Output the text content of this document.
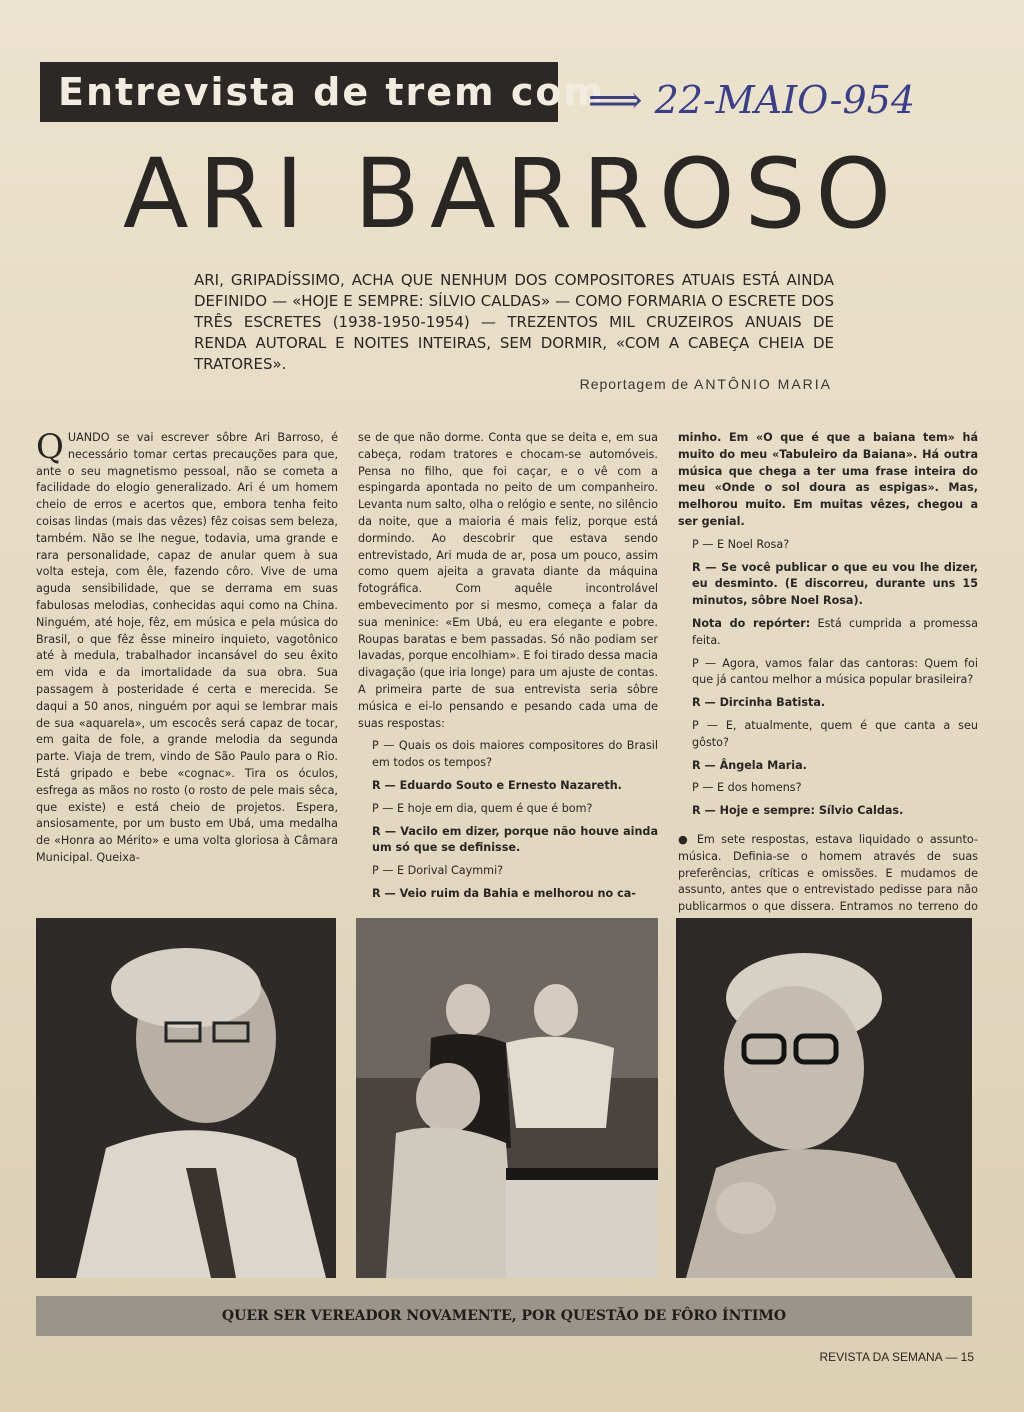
Entrevista de trem com
⟹ 22-MAIO-954
ARI BARROSO
ARI, GRIPADÍSSIMO, ACHA QUE NENHUM DOS COMPOSITORES ATUAIS ESTÁ AINDA DEFINIDO — «HOJE E SEMPRE: SÍLVIO CALDAS» — COMO FORMARIA O ESCRETE DOS TRÊS ESCRETES (1938-1950-1954) — TREZENTOS MIL CRUZEIROS ANUAIS DE RENDA AUTORAL E NOITES INTEIRAS, SEM DORMIR, «COM A CABEÇA CHEIA DE TRATORES».
Reportagem de ANTÔNIO MARIA

QUANDO se vai escrever sôbre Ari Barroso, é necessário tomar certas precauções para que, ante o seu magnetismo pessoal, não se cometa a facilidade do elogio generalizado. Ari é um homem cheio de erros e acertos que, embora tenha feito coisas lindas (mais das vêzes) fêz coisas sem beleza, também. Não se lhe negue, todavia, uma grande e rara personalidade, capaz de anular quem à sua volta esteja, com êle, fazendo côro. Vive de uma aguda sensibilidade, que se derrama em suas fabulosas melodias, conhecidas aqui como na China. Ninguém, até hoje, fêz, em música e pela música do Brasil, o que fêz êsse mineiro inquieto, vagotônico até à medula, trabalhador incansável do seu êxito em vida e da imortalidade da sua obra. Sua passagem à posteridade é certa e merecida. Se daqui a 50 anos, ninguém por aqui se lembrar mais de sua «aquarela», um escocês será capaz de tocar, em gaita de fole, a grande melodia da segunda parte. Viaja de trem, vindo de São Paulo para o Rio. Está gripado e bebe «cognac». Tira os óculos, esfrega as mãos no rosto (o rosto de pele mais sêca, que existe) e está cheio de projetos. Espera, ansiosamente, por um busto em Ubá, uma medalha de «Honra ao Mérito» e uma volta gloriosa à Câmara Municipal. Queixa-

se de que não dorme. Conta que se deita e, em sua cabeça, rodam tratores e chocam-se automóveis. Pensa no filho, que foi caçar, e o vê com a espingarda apontada no peito de um companheiro. Levanta num salto, olha o relógio e sente, no silêncio da noite, que a maioria é mais feliz, porque está dormindo. Ao descobrir que estava sendo entrevistado, Ari muda de ar, posa um pouco, assim como quem ajeita a gravata diante da máquina fotográfica. Com aquêle incontrolável embevecimento por si mesmo, começa a falar da sua meninice: «Em Ubá, eu era elegante e pobre. Roupas baratas e bem passadas. Só não podiam ser lavadas, porque encolhiam». E foi tirado dessa macia divagação (que iria longe) para um ajuste de contas. A primeira parte de sua entrevista seria sôbre música e ei-lo pensando e pesando cada uma de suas respostas:

P — Quais os dois maiores compositores do Brasil em todos os tempos?

R — Eduardo Souto e Ernesto Nazareth.

P — E hoje em dia, quem é que é bom?

R — Vacilo em dizer, porque não houve ainda um só que se definisse.

P — E Dorival Caymmi?

R — Veio ruim da Bahia e melhorou no ca-

minho. Em «O que é que a baiana tem» há muito do meu «Tabuleiro da Baiana». Há outra música que chega a ter uma frase inteira do meu «Onde o sol doura as espigas». Mas, melhorou muito. Em muitas vêzes, chegou a ser genial.

P — E Noel Rosa?

R — Se você publicar o que eu vou lhe dizer, eu desminto. (E discorreu, durante uns 15 minutos, sôbre Noel Rosa).

Nota do repórter: Está cumprida a promessa feita.

P — Agora, vamos falar das cantoras: Quem foi que já cantou melhor a música popular brasileira?

R — Dircinha Batista.

P — E, atualmente, quem é que canta a seu gôsto?

R — Ângela Maria.

P — E dos homens?

R — Hoje e sempre: Sílvio Caldas.

● Em sete respostas, estava liquidado o assunto-música. Definia-se o homem através de suas preferências, críticas e omissões. E mudamos de assunto, antes que o entrevistado pedisse para não publicarmos o que dissera. Entramos no terreno do

QUER SER VEREADOR NOVAMENTE, POR QUESTÃO DE FÔRO ÍNTIMO
REVISTA DA SEMANA — 15
